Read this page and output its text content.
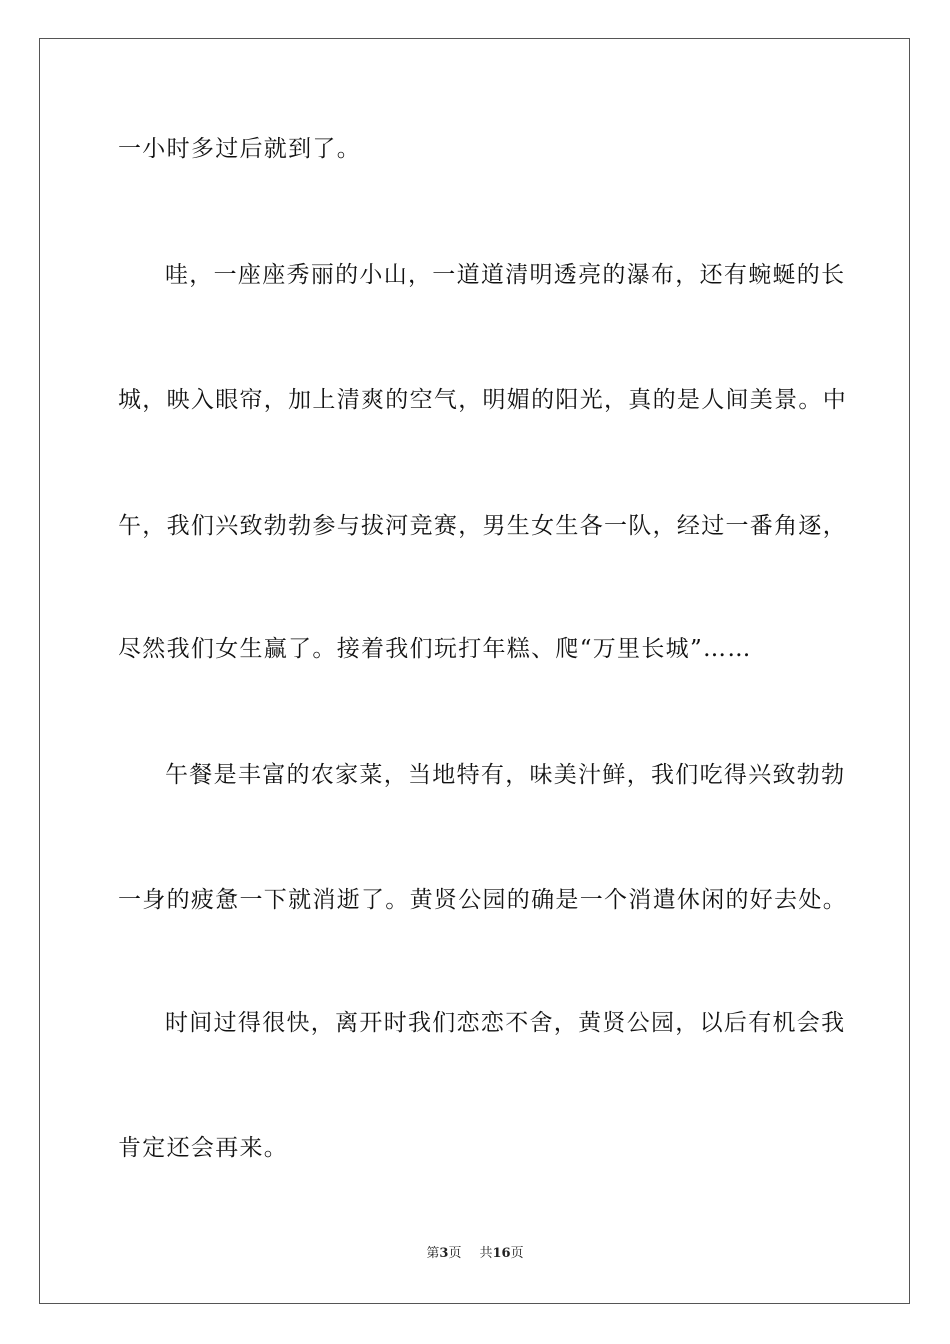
一小时多过后就到了。
哇，一座座秀丽的小山，一道道清明透亮的瀑布，还有蜿蜒的长
城，映入眼帘，加上清爽的空气，明媚的阳光，真的是人间美景。中
午，我们兴致勃勃参与拔河竞赛，男生女生各一队，经过一番角逐，
尽然我们女生赢了。接着我们玩打年糕、爬“万里长城”……
午餐是丰富的农家菜，当地特有，味美汁鲜，我们吃得兴致勃勃
一身的疲惫一下就消逝了。黄贤公园的确是一个消遣休闲的好去处。
时间过得很快，离开时我们恋恋不舍，黄贤公园，以后有机会我
肯定还会再来。
第3页 共16页
